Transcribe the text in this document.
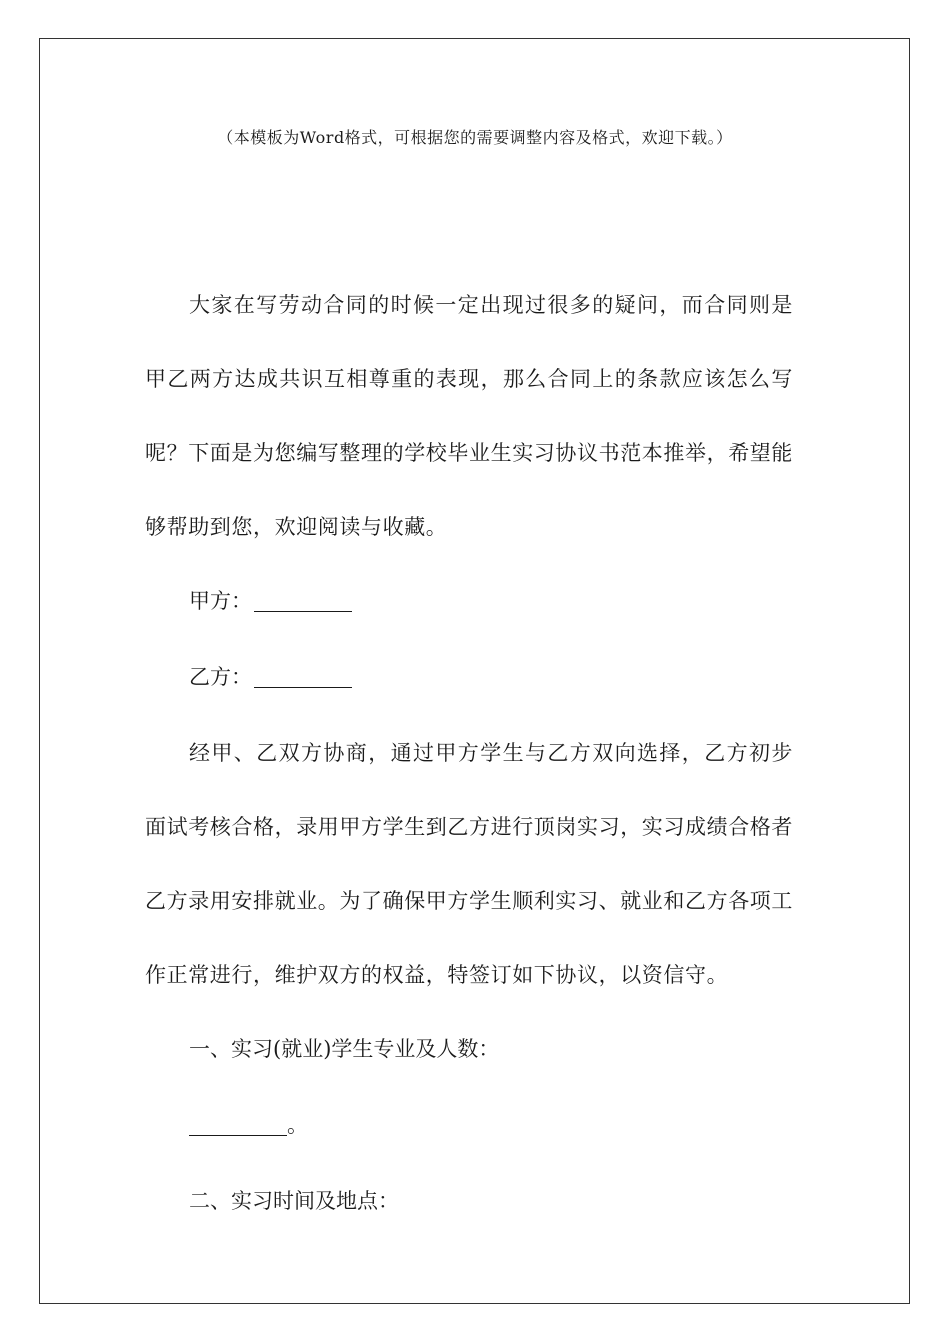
（本模板为Word格式，可根据您的需要调整内容及格式，欢迎下载。）

大家在写劳动合同的时候一定出现过很多的疑问，而合同则是甲乙两方达成共识互相尊重的表现，那么合同上的条款应该怎么写呢？下面是为您编写整理的学校毕业生实习协议书范本推举，希望能够帮助到您，欢迎阅读与收藏。

甲方：

乙方：

经甲、乙双方协商，通过甲方学生与乙方双向选择，乙方初步面试考核合格，录用甲方学生到乙方进行顶岗实习，实习成绩合格者乙方录用安排就业。为了确保甲方学生顺利实习、就业和乙方各项工作正常进行，维护双方的权益，特签订如下协议，以资信守。

一、实习(就业)学生专业及人数：

。

二、实习时间及地点：
